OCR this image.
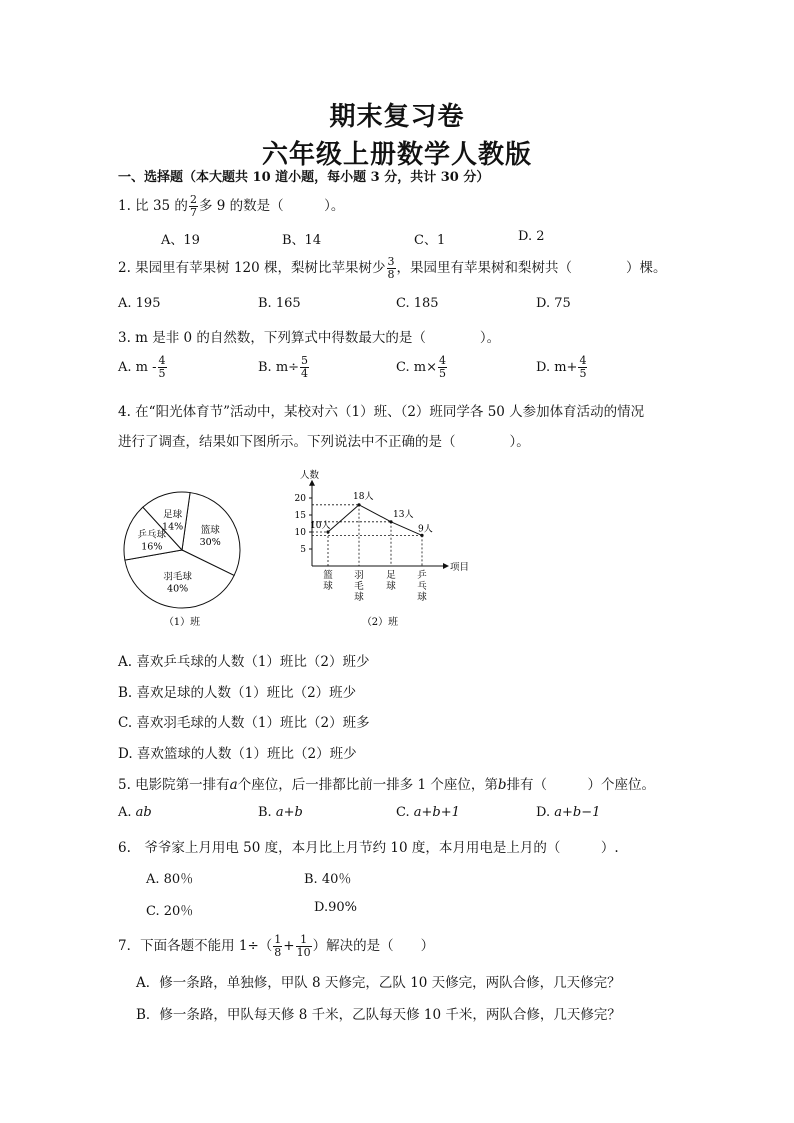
期末复习卷
六年级上册数学人教版
一、选择题（本大题共 10 道小题，每小题 3 分，共计 30 分）
1. 比 35 的 $\frac{2}{7}$ 多 9 的数是（　　　）。
A、19	B、14	C、1	D. 2
2. 果园里有苹果树 120 棵，梨树比苹果树少 $\frac{3}{8}$ ，果园里有苹果树和梨树共（　　　　）棵。
A. 195	B. 165	C. 185	D. 75
3. m 是非 0 的自然数，下列算式中得数最大的是（　　　　）。
A. m - $\frac{4}{5}$	B. $m\div \frac{5}{4}$	C. $m\times \frac{4}{5}$	D. $m+ \frac{4}{5}$
4. 在“阳光体育节”活动中，某校对六（1）班、（2）班同学各 50 人参加体育活动的情况
进行了调查，结果如下图所示。下列说法中不正确的是（　　　　）。
篮球
30%
羽毛球
40%
乒乓球
16%
足球
14%
（1）班
人数
项目
5
10
15
20
10人
18人
13人
9人
篮
球
羽
毛
球
足
球
乒
乓
球
（2）班
A. 喜欢乒乓球的人数（1）班比（2）班少
B. 喜欢足球的人数（1）班比（2）班少
C. 喜欢羽毛球的人数（1）班比（2）班多
D. 喜欢篮球的人数（1）班比（2）班少
5. 电影院第一排有a个座位，后一排都比前一排多 1 个座位，第b排有（　　　）个座位。
A. ab	B. a+b	C. a+b+1	D. a+b−1
6.　爷爷家上月用电 50 度，本月比上月节约 10 度，本月用电是上月的（　　　）.
A. 80％	B. 40％
C. 20％	D.90%
7．下面各题不能用 $1\div( \frac{1}{8} + \frac{1}{10}$ ）解决的是（　　）
A．修一条路，单独修，甲队 8 天修完，乙队 10 天修完，两队合修，几天修完？
B．修一条路，甲队每天修 8 千米，乙队每天修 10 千米，两队合修，几天修完？
